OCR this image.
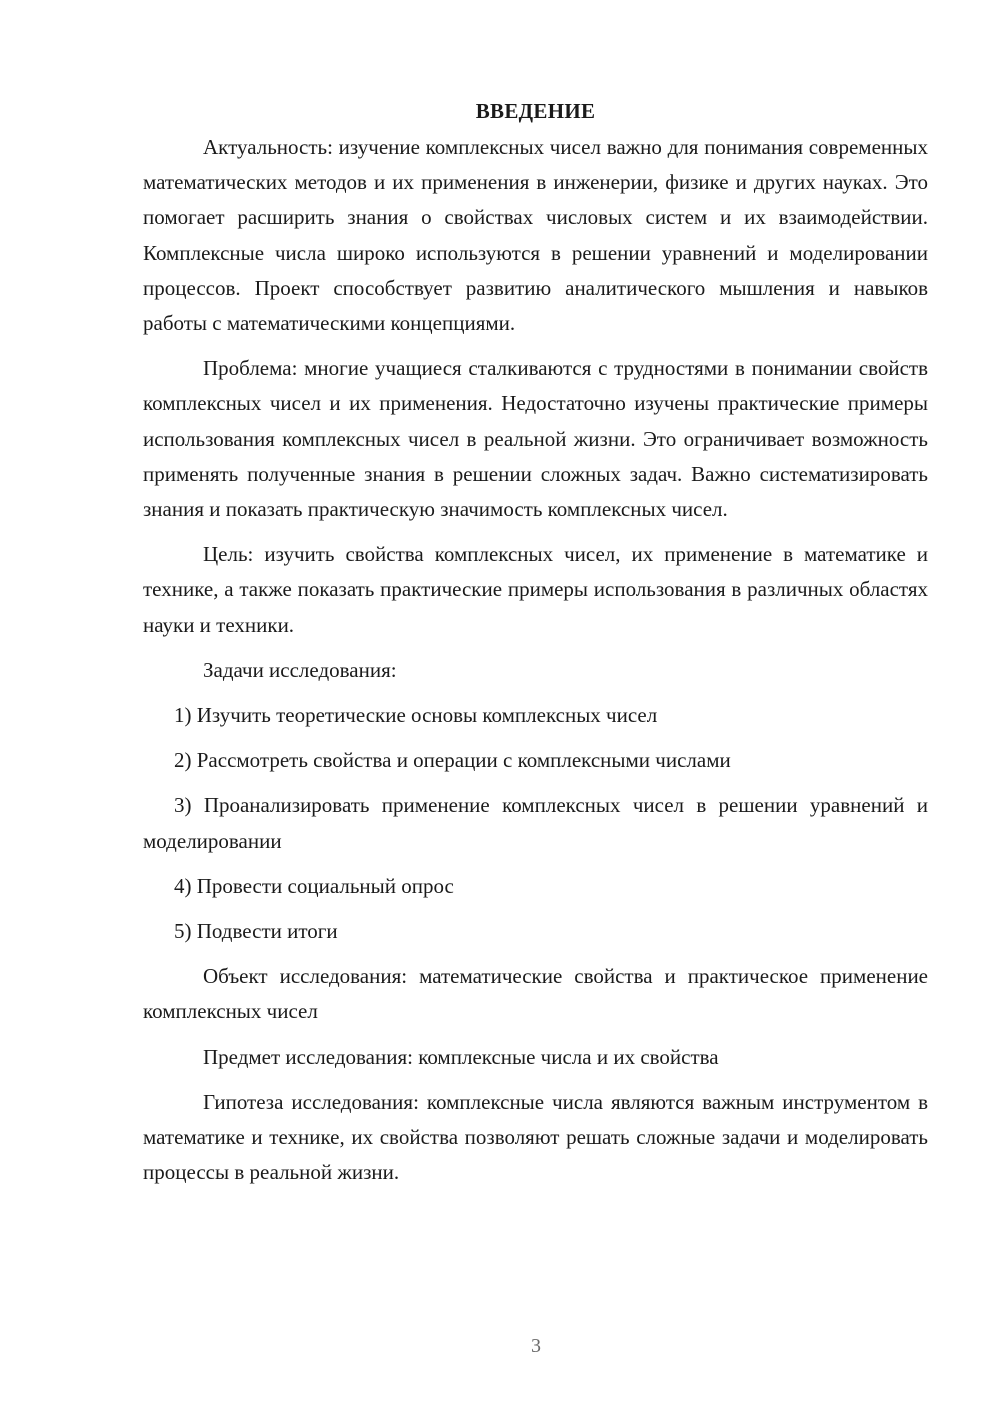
ВВЕДЕНИЕ

Актуальность: изучение комплексных чисел важно для понимания современных математических методов и их применения в инженерии, физике и других науках. Это помогает расширить знания о свойствах числовых систем и их взаимодействии. Комплексные числа широко используются в решении уравнений и моделировании процессов. Проект способствует развитию аналитического мышления и навыков работы с математическими концепциями.

Проблема: многие учащиеся сталкиваются с трудностями в понимании свойств комплексных чисел и их применения. Недостаточно изучены практические примеры использования комплексных чисел в реальной жизни. Это ограничивает возможность применять полученные знания в решении сложных задач. Важно систематизировать знания и показать практическую значимость комплексных чисел.

Цель: изучить свойства комплексных чисел, их применение в математике и технике, а также показать практические примеры использования в различных областях науки и техники.

Задачи исследования:

1) Изучить теоретические основы комплексных чисел

2) Рассмотреть свойства и операции с комплексными числами

3) Проанализировать применение комплексных чисел в решении уравнений и моделировании

4) Провести социальный опрос

5) Подвести итоги

Объект исследования: математические свойства и практическое применение комплексных чисел

Предмет исследования: комплексные числа и их свойства

Гипотеза исследования: комплексные числа являются важным инструментом в математике и технике, их свойства позволяют решать сложные задачи и моделировать процессы в реальной жизни.

3
